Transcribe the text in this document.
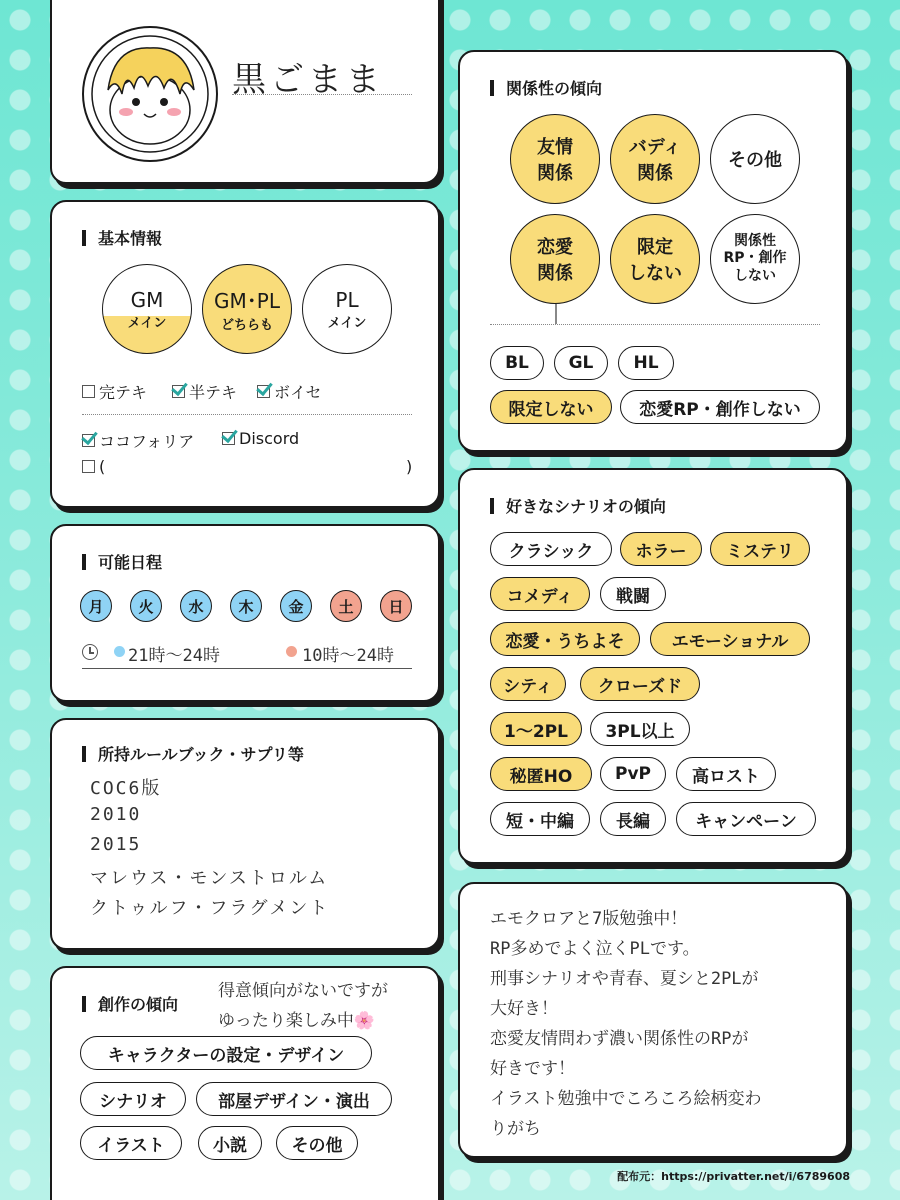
黒ごまま
基本情報
GM
メイン
GM･PL
どちらも
PL
メイン
完テキ	半テキ ボイセ
ココフォリア	Discord
(	)
可能日程
月	火	水	木	金	土	日
21時～24時	10時～24時
所持ルールブック・サプリ等
COC6版
2010
2015
マレウス・モンストロルム
クトゥルフ・フラグメント
創作の傾向
得意傾向がないですが
ゆったり楽しみ中🌸
キャラクターの設定・デザイン
シナリオ	部屋デザイン・演出
イラスト	小説	その他
関係性の傾向
友情
関係
バディ
関係
その他
恋愛
関係
限定
しない
関係性
RP・創作
しない
BL	GL	HL
限定しない	恋愛RP・創作しない
好きなシナリオの傾向
クラシック	ホラー	ミステリ
コメディ	戦闘
恋愛・うちよそ	エモーショナル
シティ	クローズド
1～2PL	3PL以上
秘匿HO	PvP	高ロスト
短・中編	長編	キャンペーン
エモクロアと7版勉強中！
RP多めでよく泣くPLです。
刑事シナリオや青春、夏シと2PLが
大好き！
恋愛友情問わず濃い関係性のRPが
好きです！
イラスト勉強中でころころ絵柄変わ
りがち
配布元：https://privatter.net/i/6789608
